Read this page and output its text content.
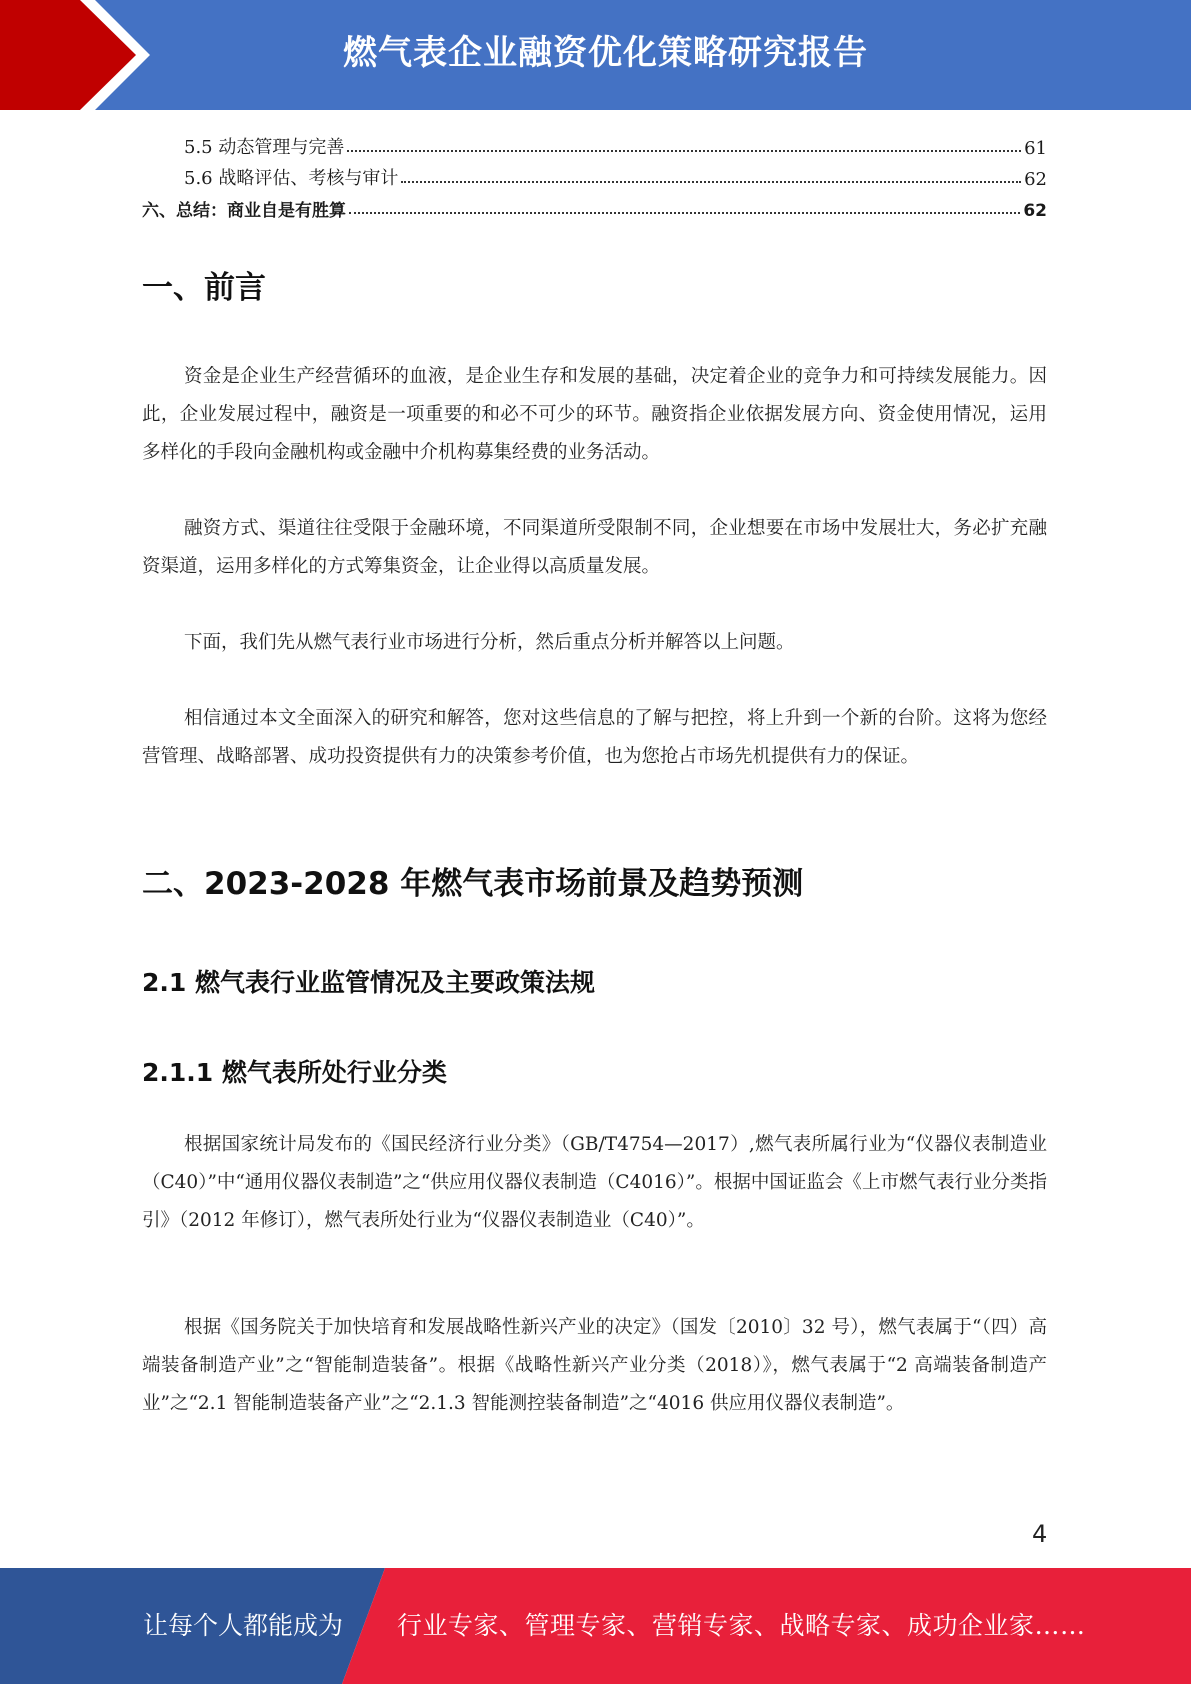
燃气表企业融资优化策略研究报告
5.5 动态管理与完善	61
5.6 战略评估、考核与审计	62
六、总结：商业自是有胜算	62
一、前言
资金是企业生产经营循环的血液，是企业生存和发展的基础，决定着企业的竞争力和可持续发展能力。因此，企业发展过程中，融资是一项重要的和必不可少的环节。融资指企业依据发展方向、资金使用情况，运用多样化的手段向金融机构或金融中介机构募集经费的业务活动。
融资方式、渠道往往受限于金融环境，不同渠道所受限制不同，企业想要在市场中发展壮大，务必扩充融资渠道，运用多样化的方式筹集资金，让企业得以高质量发展。
下面，我们先从燃气表行业市场进行分析，然后重点分析并解答以上问题。
相信通过本文全面深入的研究和解答，您对这些信息的了解与把控，将上升到一个新的台阶。这将为您经营管理、战略部署、成功投资提供有力的决策参考价值，也为您抢占市场先机提供有力的保证。
二、2023-2028 年燃气表市场前景及趋势预测
2.1 燃气表行业监管情况及主要政策法规
2.1.1 燃气表所处行业分类
根据国家统计局发布的《国民经济行业分类》（GB/T4754—2017）,燃气表所属行业为“仪器仪表制造业（C40）”中“通用仪器仪表制造”之“供应用仪器仪表制造（C4016）”。根据中国证监会《上市燃气表行业分类指引》（2012 年修订），燃气表所处行业为“仪器仪表制造业（C40）”。
根据《国务院关于加快培育和发展战略性新兴产业的决定》（国发〔2010〕32 号），燃气表属于“（四）高端装备制造产业”之“智能制造装备”。根据《战略性新兴产业分类（2018）》，燃气表属于“2 高端装备制造产业”之“2.1 智能制造装备产业”之“2.1.3 智能测控装备制造”之“4016 供应用仪器仪表制造”。
4
让每个人都能成为 行业专家、管理专家、营销专家、战略专家、成功企业家……
